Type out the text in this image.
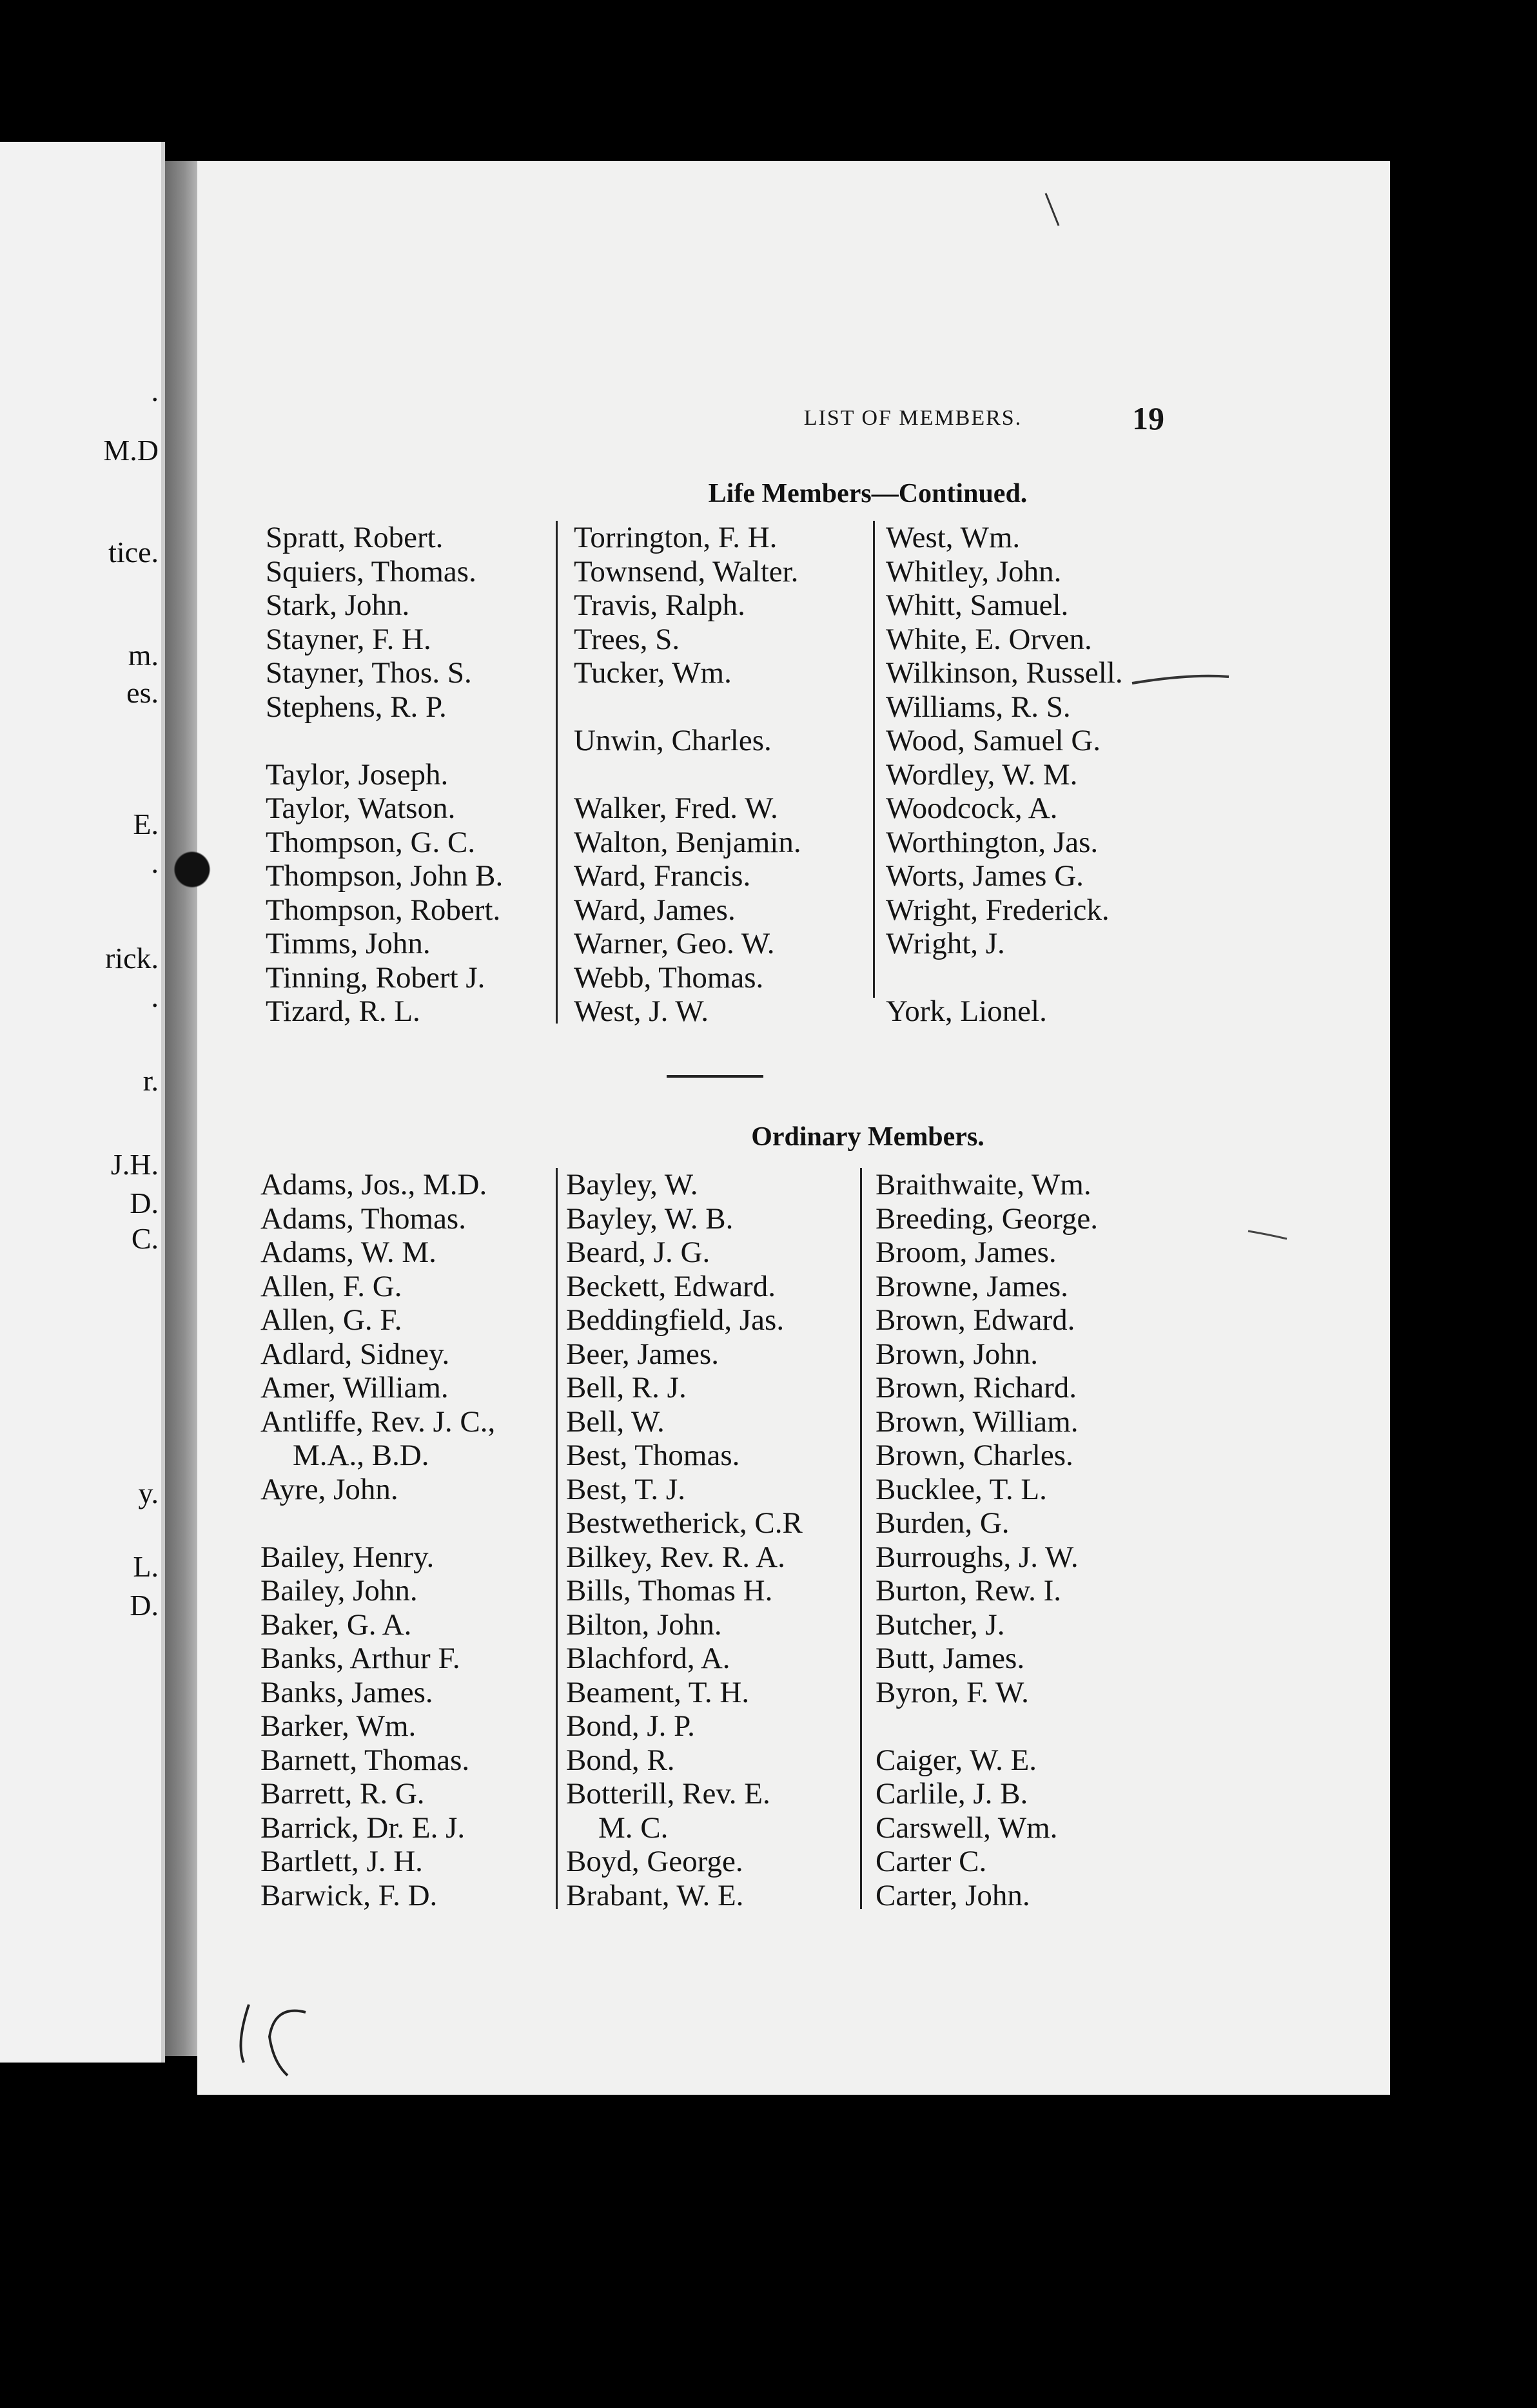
.
M.D
tice.
m.
es.
E.
.
rick.
.
r.
J.H.
D.
C.
y.
L.
D.
LIST OF MEMBERS.	19
Life Members—Continued.
Spratt, Robert.
Squiers, Thomas.
Stark, John.
Stayner, F. H.
Stayner, Thos. S.
Stephens, R. P.
Taylor, Joseph.
Taylor, Watson.
Thompson, G. C.
Thompson, John B.
Thompson, Robert.
Timms, John.
Tinning, Robert J.
Tizard, R. L.
Torrington, F. H.
Townsend, Walter.
Travis, Ralph.
Trees, S.
Tucker, Wm.
Unwin, Charles.
Walker, Fred. W.
Walton, Benjamin.
Ward, Francis.
Ward, James.
Warner, Geo. W.
Webb, Thomas.
West, J. W.
West, Wm.
Whitley, John.
Whitt, Samuel.
White, E. Orven.
Wilkinson, Russell.
Williams, R. S.
Wood, Samuel G.
Wordley, W. M.
Woodcock, A.
Worthington, Jas.
Worts, James G.
Wright, Frederick.
Wright, J.
York, Lionel.
Ordinary Members.
Adams, Jos., M.D.
Adams, Thomas.
Adams, W. M.
Allen, F. G.
Allen, G. F.
Adlard, Sidney.
Amer, William.
Antliffe, Rev. J. C.,
M.A., B.D.
Ayre, John.
Bailey, Henry.
Bailey, John.
Baker, G. A.
Banks, Arthur F.
Banks, James.
Barker, Wm.
Barnett, Thomas.
Barrett, R. G.
Barrick, Dr. E. J.
Bartlett, J. H.
Barwick, F. D.
Bayley, W.
Bayley, W. B.
Beard, J. G.
Beckett, Edward.
Beddingfield, Jas.
Beer, James.
Bell, R. J.
Bell, W.
Best, Thomas.
Best, T. J.
Bestwetherick, C.R
Bilkey, Rev. R. A.
Bills, Thomas H.
Bilton, John.
Blachford, A.
Beament, T. H.
Bond, J. P.
Bond, R.
Botterill, Rev. E.
M. C.
Boyd, George.
Brabant, W. E.
Braithwaite, Wm.
Breeding, George.
Broom, James.
Browne, James.
Brown, Edward.
Brown, John.
Brown, Richard.
Brown, William.
Brown, Charles.
Bucklee, T. L.
Burden, G.
Burroughs, J. W.
Burton, Rew. I.
Butcher, J.
Butt, James.
Byron, F. W.
Caiger, W. E.
Carlile, J. B.
Carswell, Wm.
Carter C.
Carter, John.
